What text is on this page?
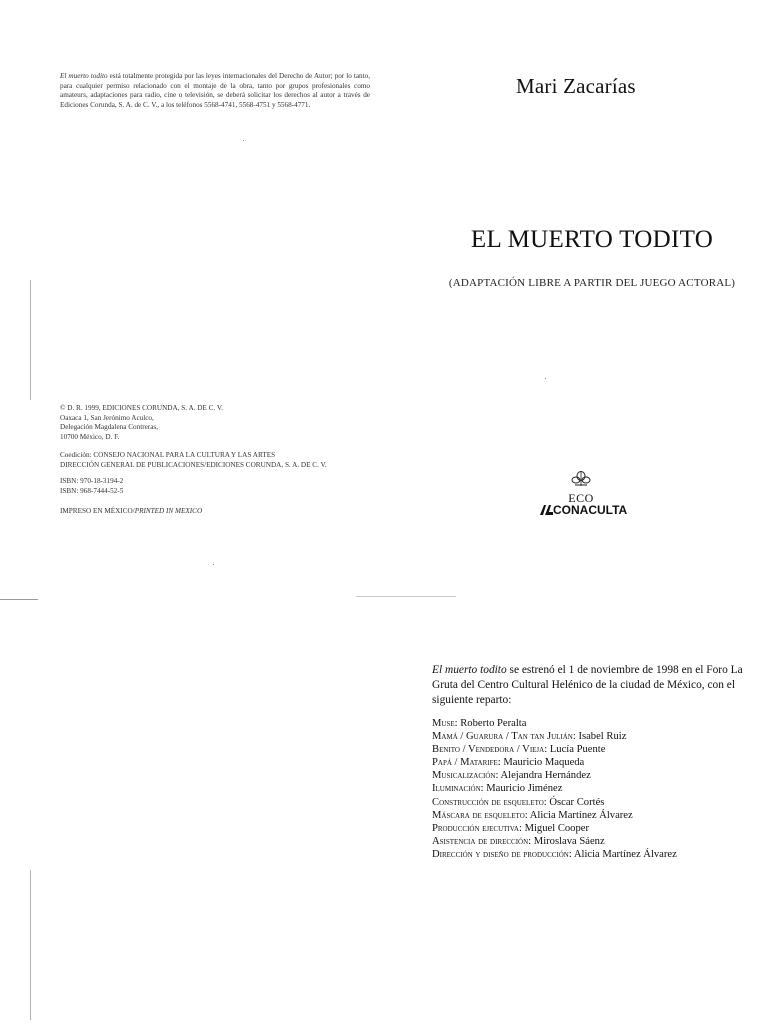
El muerto todito está totalmente protegida por las leyes internacionales del Derecho de Autor; por lo tanto, para cualquier permiso relacionado con el montaje de la obra, tanto por grupos profesionales como amateurs, adaptaciones para radio, cine o televisión, se deberá solicitar los derechos al autor a través de Ediciones Corunda, S. A. de C. V., a los teléfonos 5568-4741, 5568-4751 y 5568-4771.
Mari Zacarías
EL MUERTO TODITO
(ADAPTACIÓN LIBRE A PARTIR DEL JUEGO ACTORAL)
© D. R. 1999, EDICIONES CORUNDA, S. A. DE C. V.
Oaxaca 1, San Jerónimo Aculco,
Delegación Magdalena Contreras,
10700 México, D. F.
Coedición: CONSEJO NACIONAL PARA LA CULTURA Y LAS ARTES
DIRECCIÓN GENERAL DE PUBLICACIONES/EDICIONES CORUNDA, S. A. DE C. V.
ISBN: 970-18-3194-2
ISBN: 968-7444-52-5
IMPRESO EN MÉXICO/PRINTED IN MEXICO
ECO
CONACULTA
El muerto todito se estrenó el 1 de noviembre de 1998 en el Foro La Gruta del Centro Cultural Helénico de la ciudad de México, con el siguiente reparto:
Muse: Roberto Peralta
Mamá / Guarura / Tan tan Julián: Isabel Ruiz
Benito / Vendedora / Vieja: Lucía Puente
Papá / Matarife: Mauricio Maqueda
Musicalización: Alejandra Hernández
Iluminación: Mauricio Jiménez
Construcción de esqueleto: Óscar Cortés
Máscara de esqueleto: Alicia Martínez Álvarez
Producción ejecutiva: Miguel Cooper
Asistencia de dirección: Miroslava Sáenz
Dirección y diseño de producción: Alicia Martínez Álvarez
